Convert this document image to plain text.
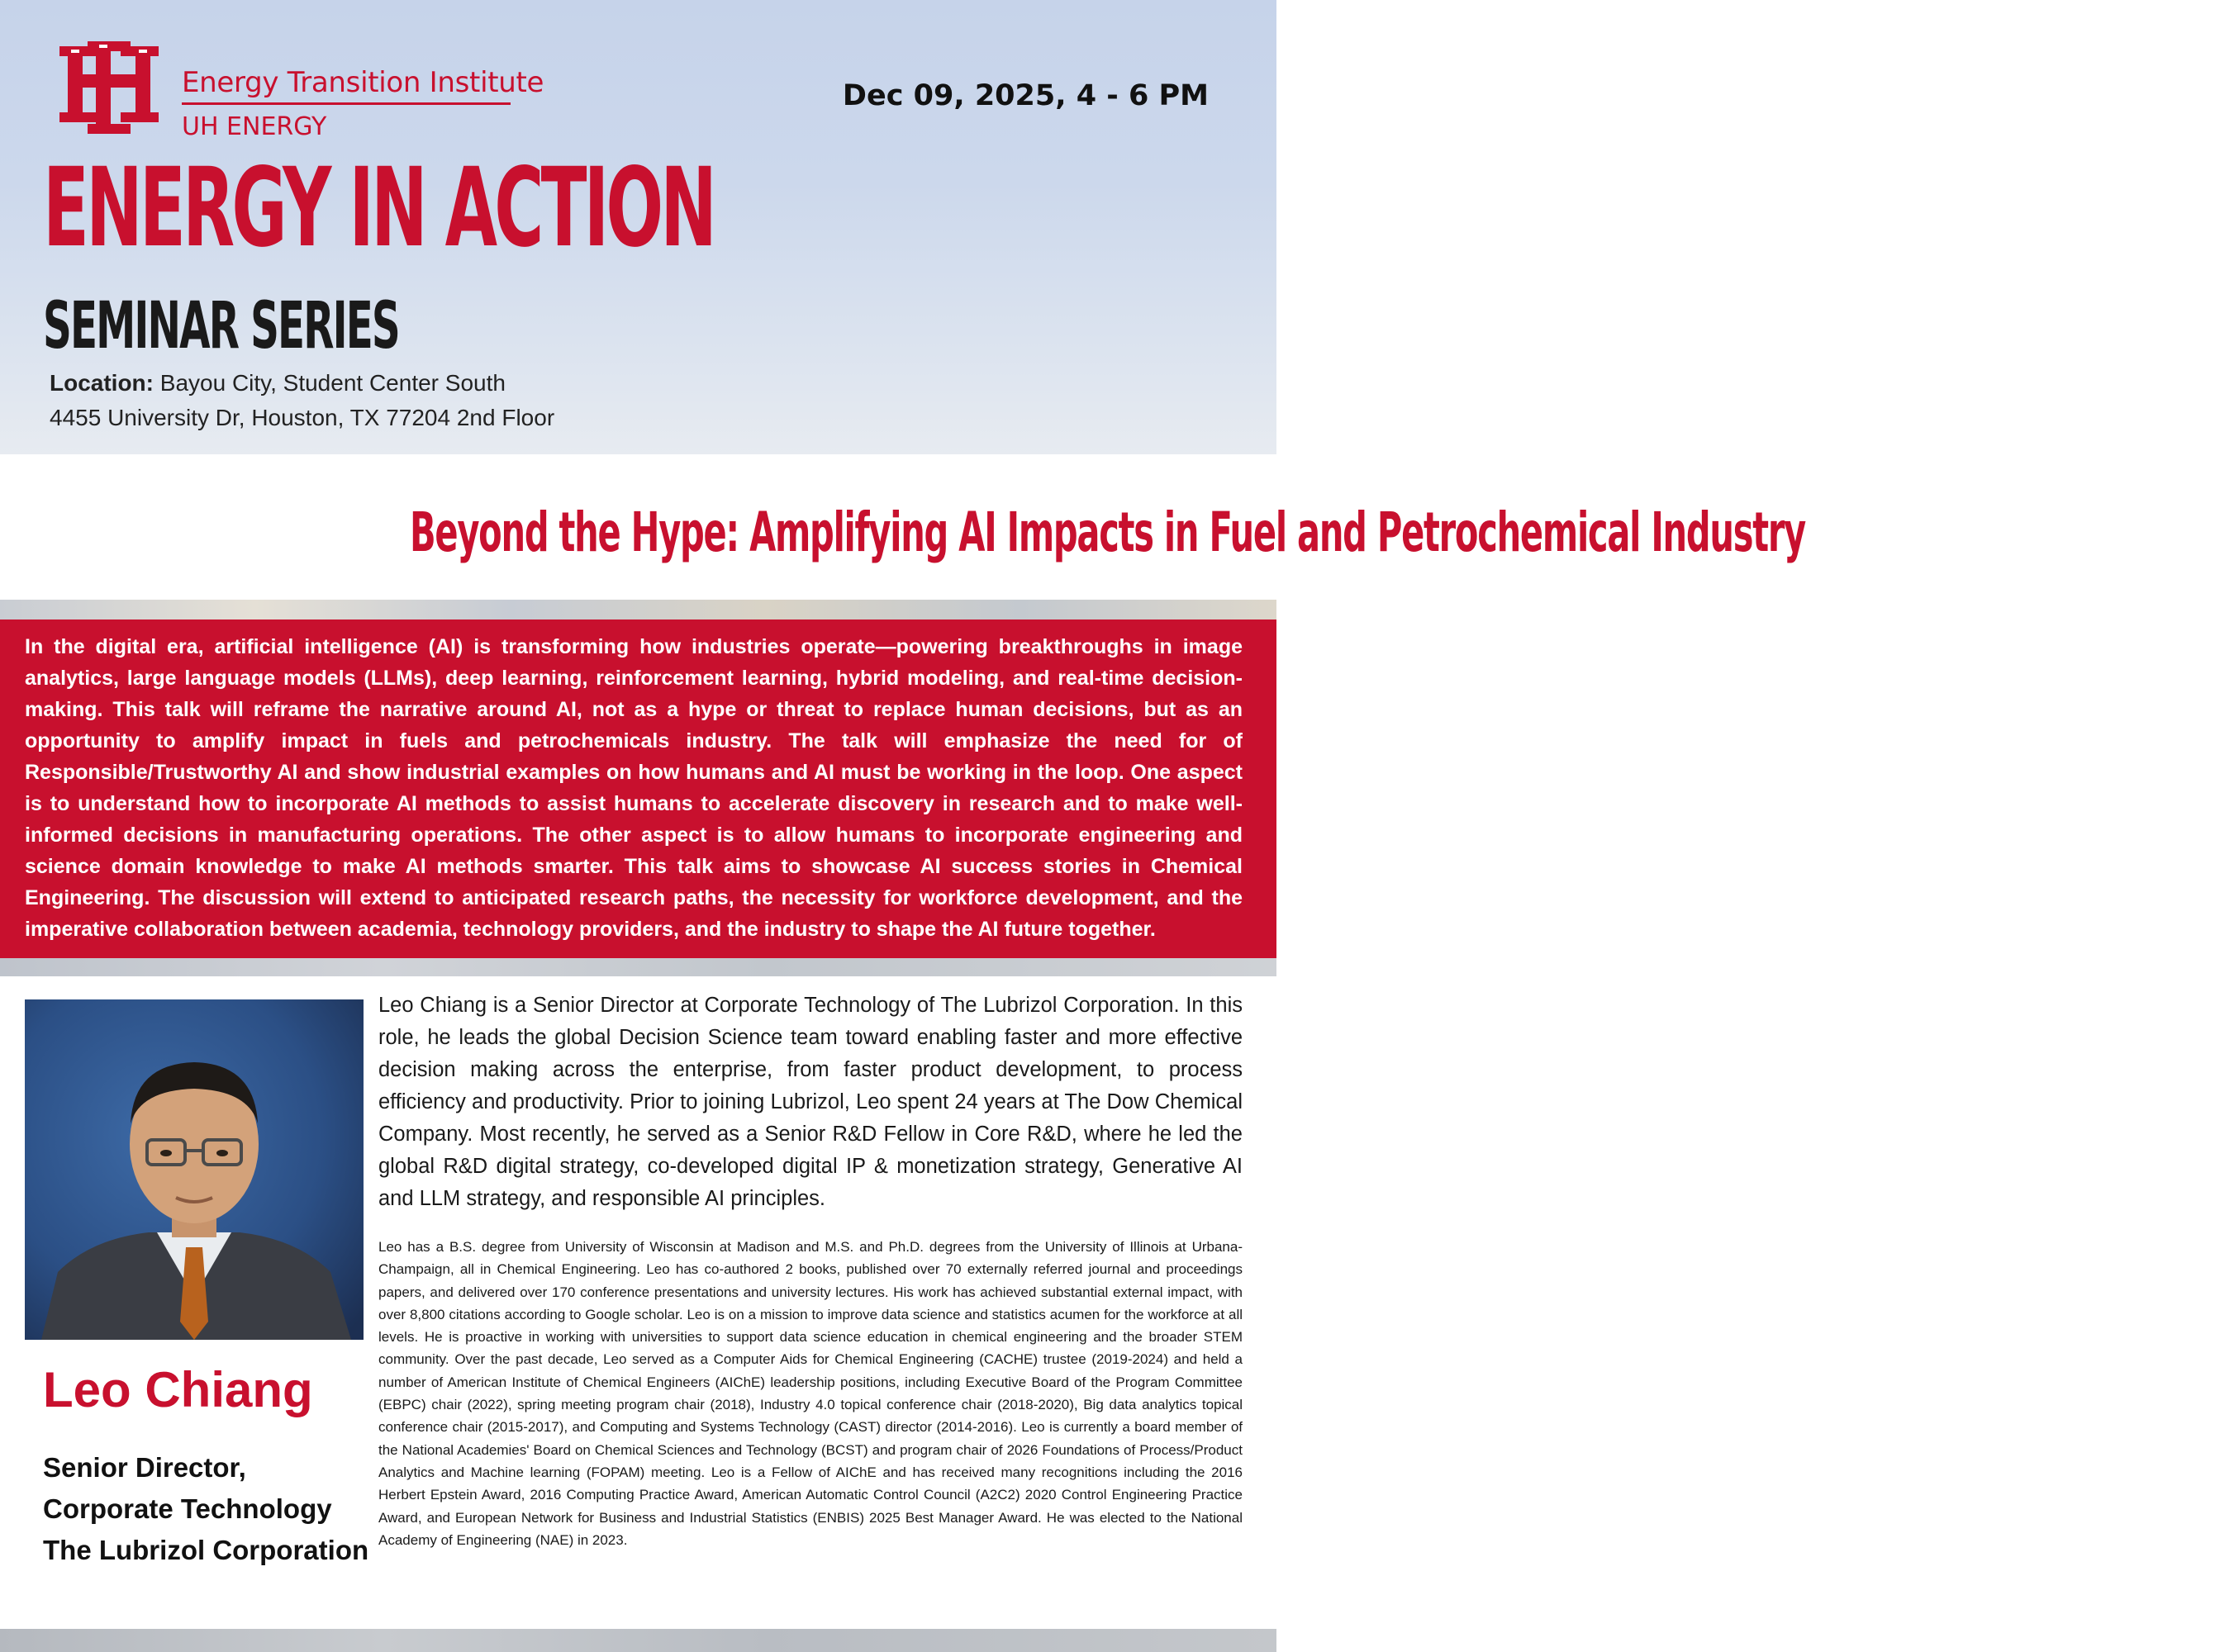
Energy Transition Institute
UH ENERGY
Dec 09, 2025, 4 - 6 PM
ENERGY IN ACTION
SEMINAR SERIES
Location: Bayou City, Student Center South
4455 University Dr, Houston, TX 77204 2nd Floor
Beyond the Hype: Amplifying AI Impacts in Fuel and Petrochemical Industry
In the digital era, artificial intelligence (AI) is transforming how industries operate—powering breakthroughs in image analytics, large language models (LLMs), deep learning, reinforcement learning, hybrid modeling, and real-time decision-making. This talk will reframe the narrative around AI, not as a hype or threat to replace human decisions, but as an opportunity to amplify impact in fuels and petrochemicals industry. The talk will emphasize the need for of Responsible/Trustworthy AI and show industrial examples on how humans and AI must be working in the loop. One aspect is to understand how to incorporate AI methods to assist humans to accelerate discovery in research and to make well-informed decisions in manufacturing operations. The other aspect is to allow humans to incorporate engineering and science domain knowledge to make AI methods smarter. This talk aims to showcase AI success stories in Chemical Engineering. The discussion will extend to anticipated research paths, the necessity for workforce development, and the imperative collaboration between academia, technology providers, and the industry to shape the AI future together.
Leo Chiang
Senior Director,
Corporate Technology
The Lubrizol Corporation
Leo Chiang is a Senior Director at Corporate Technology of The Lubrizol Corporation. In this role, he leads the global Decision Science team toward enabling faster and more effective decision making across the enterprise, from faster product development, to process efficiency and productivity. Prior to joining Lubrizol, Leo spent 24 years at The Dow Chemical Company. Most recently, he served as a Senior R&D Fellow in Core R&D, where he led the global R&D digital strategy, co-developed digital IP & monetization strategy, Generative AI and LLM strategy, and responsible AI principles.
Leo has a B.S. degree from University of Wisconsin at Madison and M.S. and Ph.D. degrees from the University of Illinois at Urbana-Champaign, all in Chemical Engineering. Leo has co-authored 2 books, published over 70 externally referred journal and proceedings papers, and delivered over 170 conference presentations and university lectures. His work has achieved substantial external impact, with over 8,800 citations according to Google scholar. Leo is on a mission to improve data science and statistics acumen for the workforce at all levels. He is proactive in working with universities to support data science education in chemical engineering and the broader STEM community. Over the past decade, Leo served as a Computer Aids for Chemical Engineering (CACHE) trustee (2019-2024) and held a number of American Institute of Chemical Engineers (AIChE) leadership positions, including Executive Board of the Program Committee (EBPC) chair (2022), spring meeting program chair (2018), Industry 4.0 topical conference chair (2018-2020), Big data analytics topical conference chair (2015-2017), and Computing and Systems Technology (CAST) director (2014-2016). Leo is currently a board member of the National Academies' Board on Chemical Sciences and Technology (BCST) and program chair of 2026 Foundations of Process/Product Analytics and Machine learning (FOPAM) meeting. Leo is a Fellow of AIChE and has received many recognitions including the 2016 Herbert Epstein Award, 2016 Computing Practice Award, American Automatic Control Council (A2C2) 2020 Control Engineering Practice Award, and European Network for Business and Industrial Statistics (ENBIS) 2025 Best Manager Award. He was elected to the National Academy of Engineering (NAE) in 2023.
